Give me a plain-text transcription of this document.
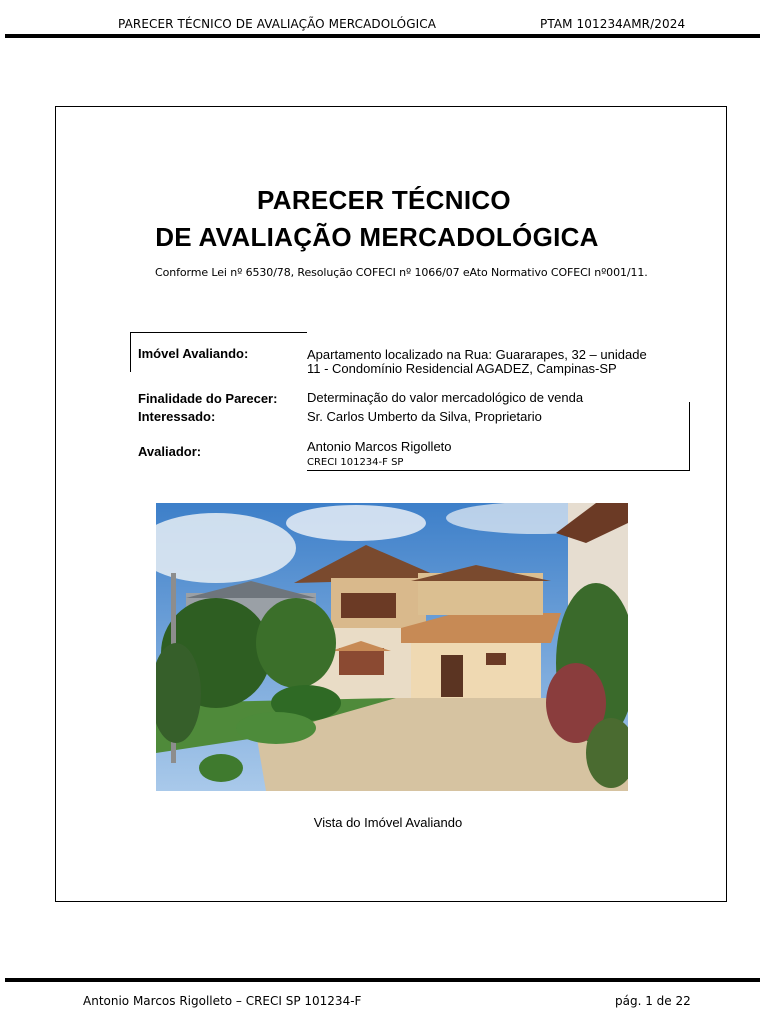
PARECER TÉCNICO DE AVALIAÇÃO MERCADOLÓGICA	PTAM 101234AMR/2024
PARECER TÉCNICO
DE AVALIAÇÃO MERCADOLÓGICA
Conforme Lei nº 6530/78, Resolução COFECI nº 1066/07 eAto Normativo COFECI nº001/11.
Imóvel Avaliando:	Apartamento localizado na Rua: Guararapes, 32 – unidade
11 - Condomínio Residencial AGADEZ, Campinas-SP
Finalidade do Parecer: Determinação do valor mercadológico de venda
Interessado:	Sr. Carlos Umberto da Silva, Proprietario
Avaliador:	Antonio Marcos Rigolleto
CRECI 101234-F SP
Vista do Imóvel Avaliando
Antonio Marcos Rigolleto – CRECI SP 101234-F	pág. 1 de 22
